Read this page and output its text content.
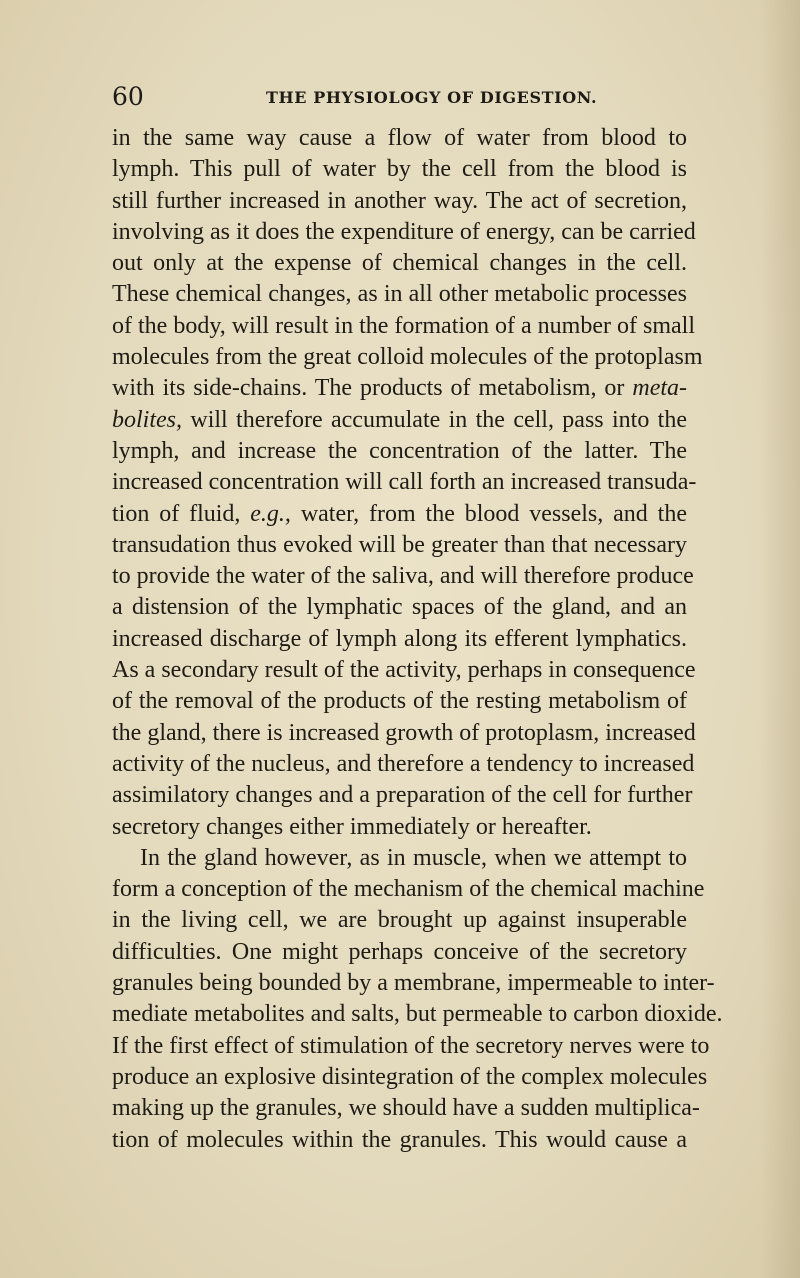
60	THE PHYSIOLOGY OF DIGESTION.
in the same way cause a flow of water from blood to
lymph. This pull of water by the cell from the blood is
still further increased in another way. The act of secretion,
involving as it does the expenditure of energy, can be carried
out only at the expense of chemical changes in the cell.
These chemical changes, as in all other metabolic processes
of the body, will result in the formation of a number of small
molecules from the great colloid molecules of the protoplasm
with its side-chains. The products of metabolism, or meta-
bolites, will therefore accumulate in the cell, pass into the
lymph, and increase the concentration of the latter. The
increased concentration will call forth an increased transuda-
tion of fluid, e.g., water, from the blood vessels, and the
transudation thus evoked will be greater than that necessary
to provide the water of the saliva, and will therefore produce
a distension of the lymphatic spaces of the gland, and an
increased discharge of lymph along its efferent lymphatics.
As a secondary result of the activity, perhaps in consequence
of the removal of the products of the resting metabolism of
the gland, there is increased growth of protoplasm, increased
activity of the nucleus, and therefore a tendency to increased
assimilatory changes and a preparation of the cell for further
secretory changes either immediately or hereafter.
In the gland however, as in muscle, when we attempt to
form a conception of the mechanism of the chemical machine
in the living cell, we are brought up against insuperable
difficulties. One might perhaps conceive of the secretory
granules being bounded by a membrane, impermeable to inter-
mediate metabolites and salts, but permeable to carbon dioxide.
If the first effect of stimulation of the secretory nerves were to
produce an explosive disintegration of the complex molecules
making up the granules, we should have a sudden multiplica-
tion of molecules within the granules. This would cause a
